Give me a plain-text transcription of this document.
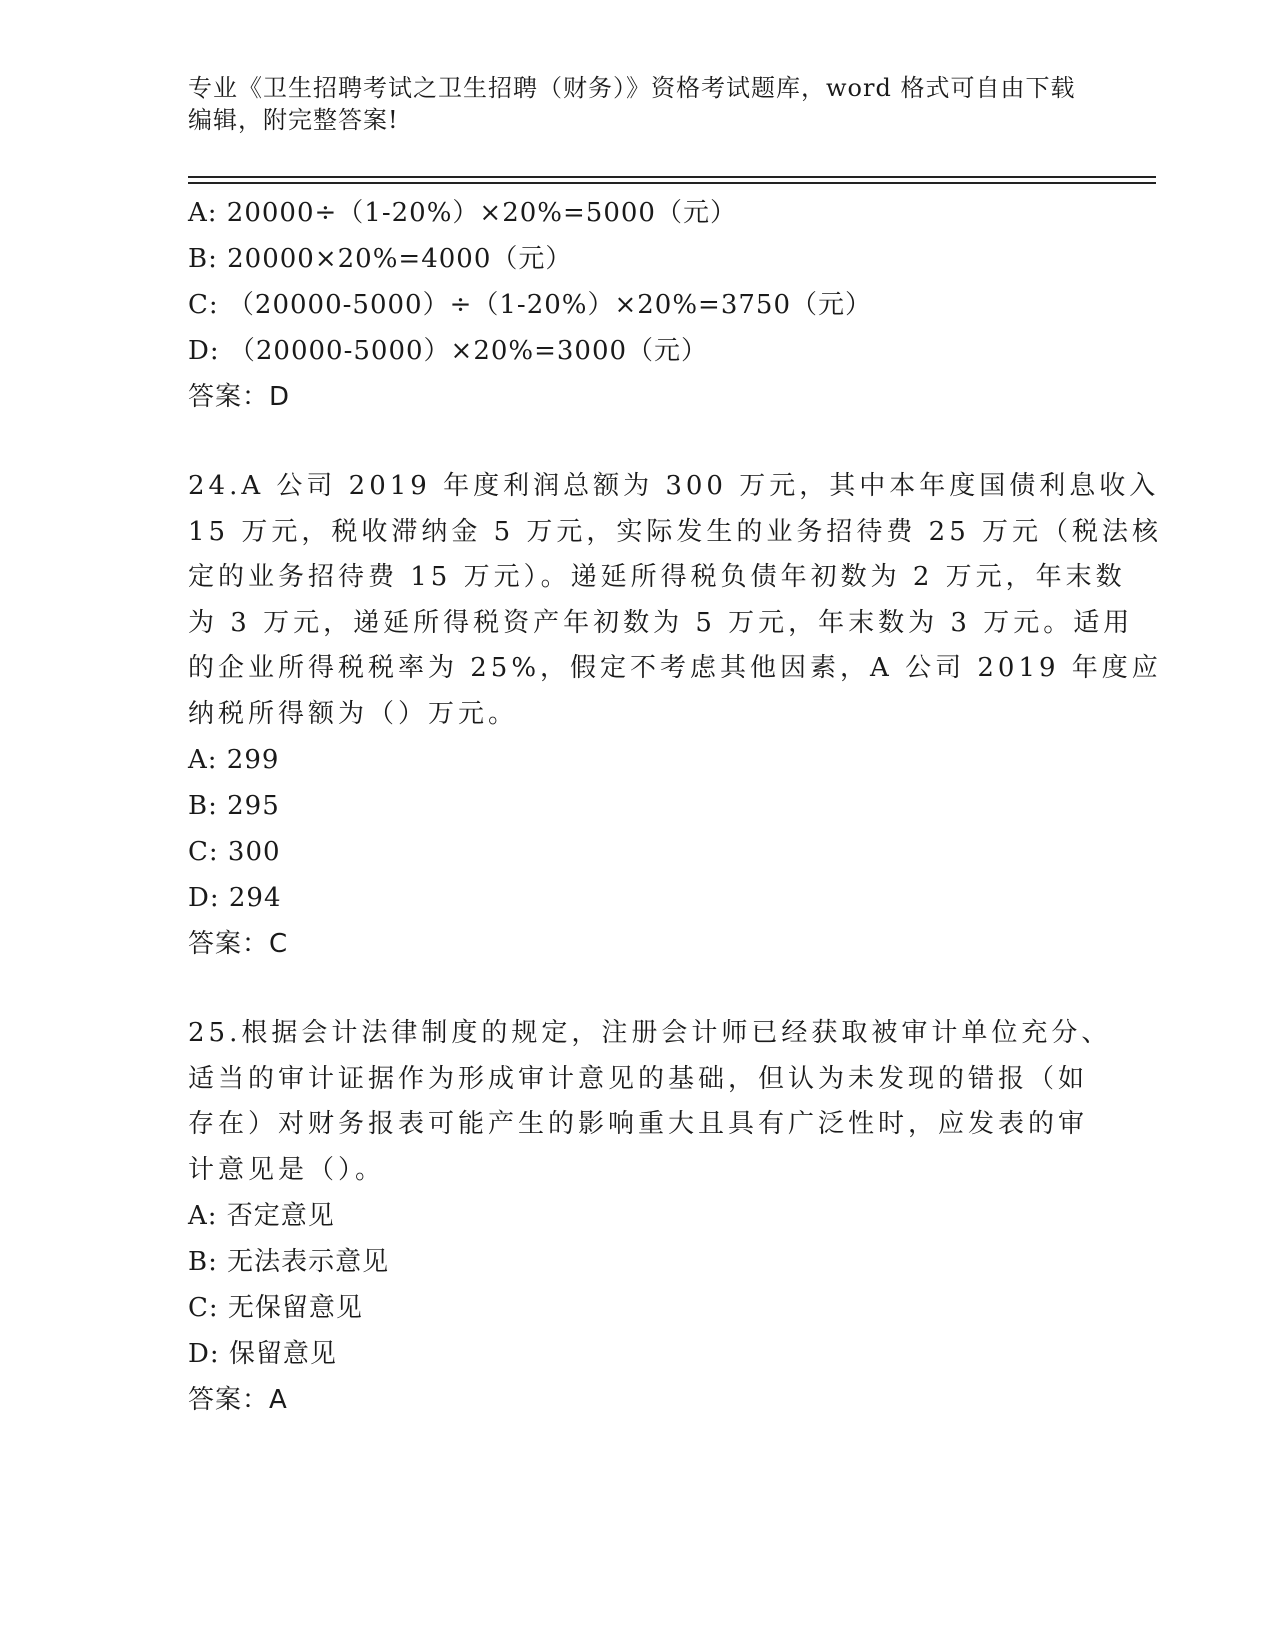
专业《卫生招聘考试之卫生招聘（财务）》资格考试题库，word 格式可自由下载
编辑，附完整答案!
A: 20000÷（1-20%）×20%=5000（元）
B: 20000×20%=4000（元）
C: （20000-5000）÷（1-20%）×20%=3750（元）
D: （20000-5000）×20%=3000（元）
答案：D
24.A 公司 2019 年度利润总额为 300 万元，其中本年度国债利息收入
15 万元，税收滞纳金 5 万元，实际发生的业务招待费 25 万元（税法核
定的业务招待费 15 万元）。递延所得税负债年初数为 2 万元，年末数
为 3 万元，递延所得税资产年初数为 5 万元，年末数为 3 万元。适用
的企业所得税税率为 25%，假定不考虑其他因素，A 公司 2019 年度应
纳税所得额为（）万元。
A: 299
B: 295
C: 300
D: 294
答案：C
25.根据会计法律制度的规定，注册会计师已经获取被审计单位充分、
适当的审计证据作为形成审计意见的基础，但认为未发现的错报（如
存在）对财务报表可能产生的影响重大且具有广泛性时，应发表的审
计意见是（）。
A: 否定意见
B: 无法表示意见
C: 无保留意见
D: 保留意见
答案：A
